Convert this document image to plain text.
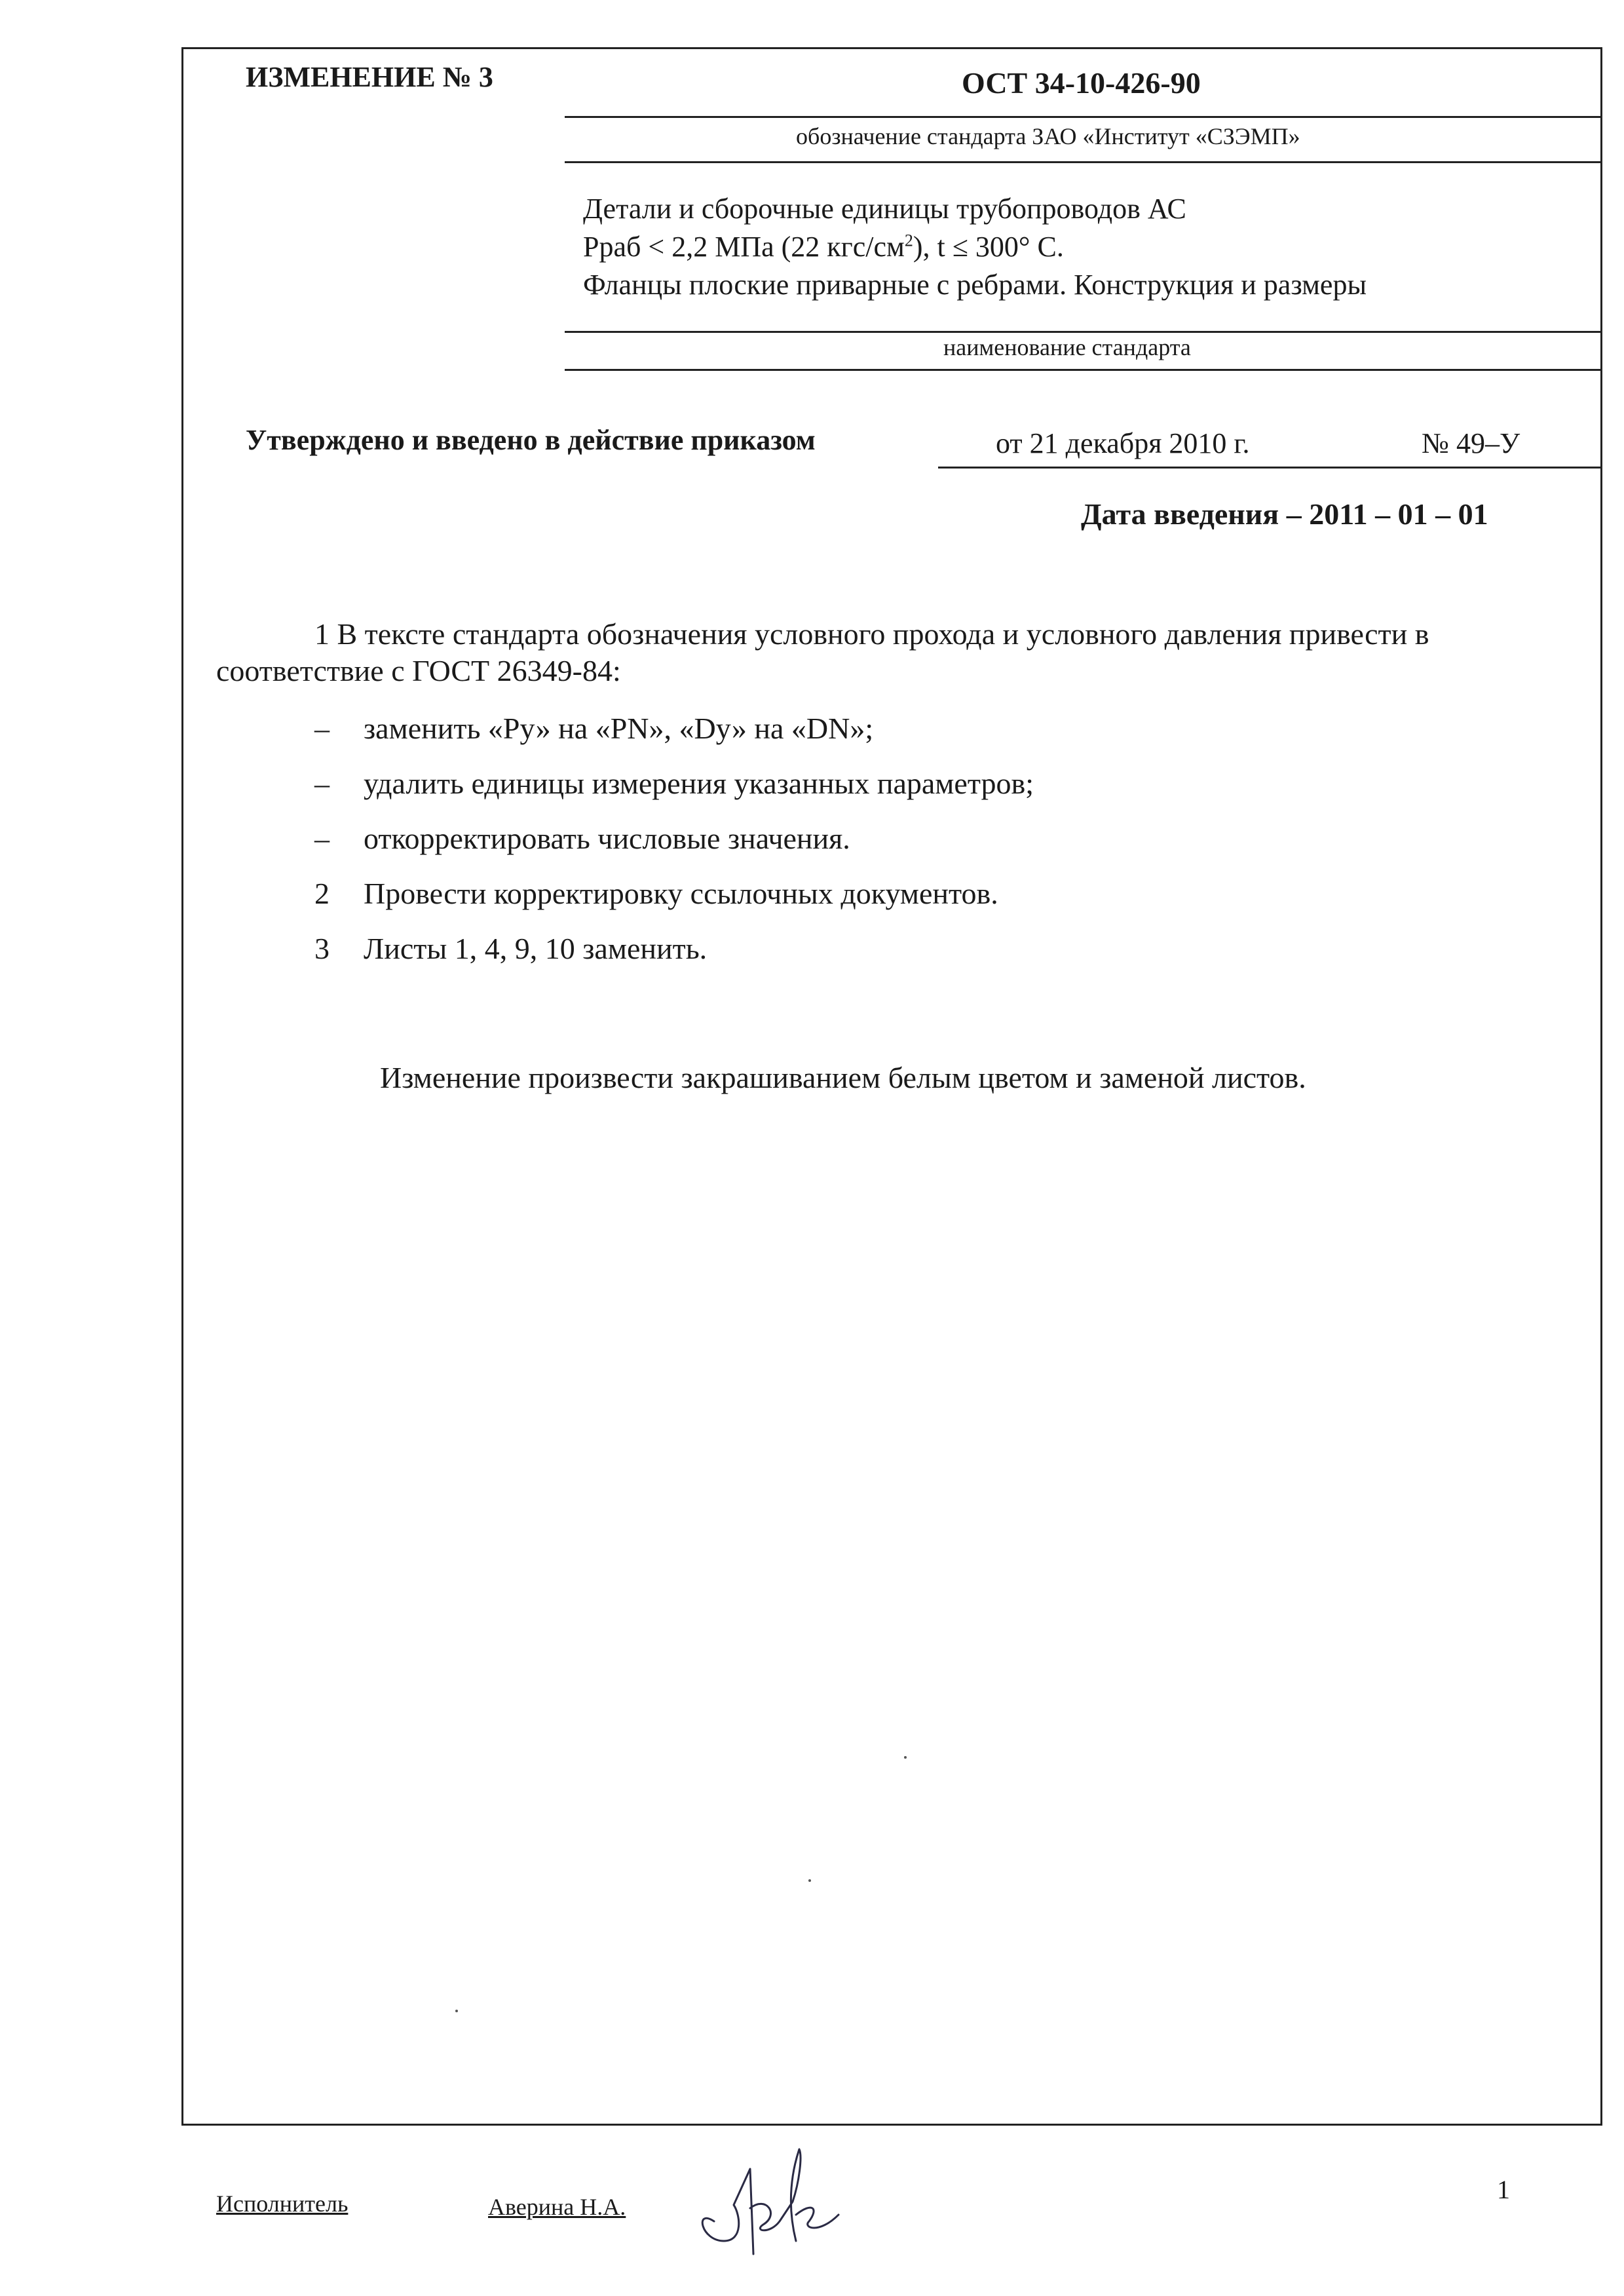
ИЗМЕНЕНИЕ № 3	ОСТ 34-10-426-90
обозначение стандарта ЗАО «Институт «СЗЭМП»
Детали и сборочные единицы трубопроводов АС
Рраб < 2,2 МПа (22 кгс/$см^2$), t ≤ 300° С.
Фланцы плоские приварные с ребрами. Конструкция и размеры
наименование стандарта
Утверждено и введено в действие приказом	от 21 декабря 2010 г.	№ 49–У
Дата введения – 2011 – 01 – 01

1 В тексте стандарта обозначения условного прохода и условного давления привести в соответствие с ГОСТ 26349-84:

–	заменить «Ру» на «PN», «Dу» на «DN»;
–	удалить единицы измерения указанных параметров;
–	откорректировать числовые значения.
2	Провести корректировку ссылочных документов.
3	Листы 1, 4, 9, 10 заменить.
Изменение произвести закрашиванием белым цветом и заменой листов.
Исполнитель	Аверина Н.А.
1
